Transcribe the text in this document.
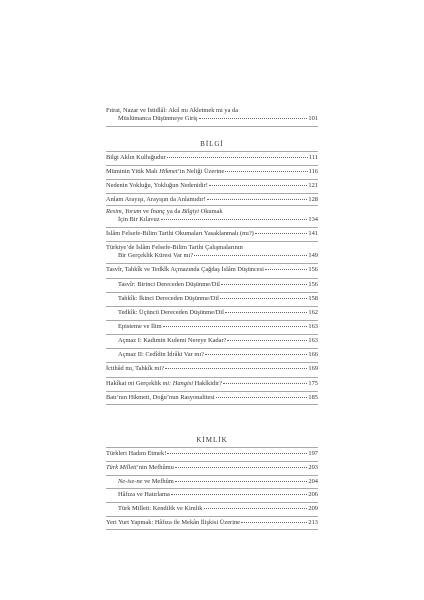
Fıtrat, Nazar ve İstidlâl: Akıl mı Akletmek mi ya da
Müslümanca Düşünmeye Giriş	101
BİLGİ
Bilgi Aklın Kulluğudur	111
Müminin Yitik Malı Hikmet’in Neliği Üzerine	116
Nedenin Yokluğu, Yokluğun Nedenidir!	121
Anlam Arayışı, Arayışın da Anlamıdır!	128
Resim, Yorum ve İnanç ya da Bilgiyi Okumak
İçin Bir Kılavuz	134
İslâm Felsefe-Bilim Tarihi Okumaları Yasaklanmalı (mı?)	141
Türkiye’de İslâm Felsefe-Bilim Tarihi Çalışmalarının
Bir Gerçeklik Küresi Var mı?	149
Tasvîr, Tahkîk ve Tedkîk Açmazında Çağdaş İslâm Düşüncesi	156
Tasvîr: Birinci Dereceden Düşünme/Dil	156
Tahkîk: İkinci Dereceden Düşünme/Dil	158
Tedkîk: Üçüncü Dereceden Düşünme/Dil	162
Episteme ve İlim	163
Açmaz I: Kadimin Kıdemi Nereye Kadar?	163
Açmaz II: Cedîdin İdrâki Var mı?	166
İctihâd mı, Tahkîk mi?	169
Hakîkat mi Gerçeklik mi: Hangisi Hakîkidir?	175
Batı’nın Hikmeti, Doğu’nun Rasyonalitesi	185
KİMLİK
Türkleri Hadım Etmek!	197
Türk Milleti’nin Mefhûmu	203
Ne-ise-ne ve Mefhûm	204
Hâfıza ve Hatırlama	206
Türk Milleti: Kendilik ve Kimlik	209
Yeri Yurt Yapmak: Hâfıza ile Mekân İlişkisi Üzerine	213
